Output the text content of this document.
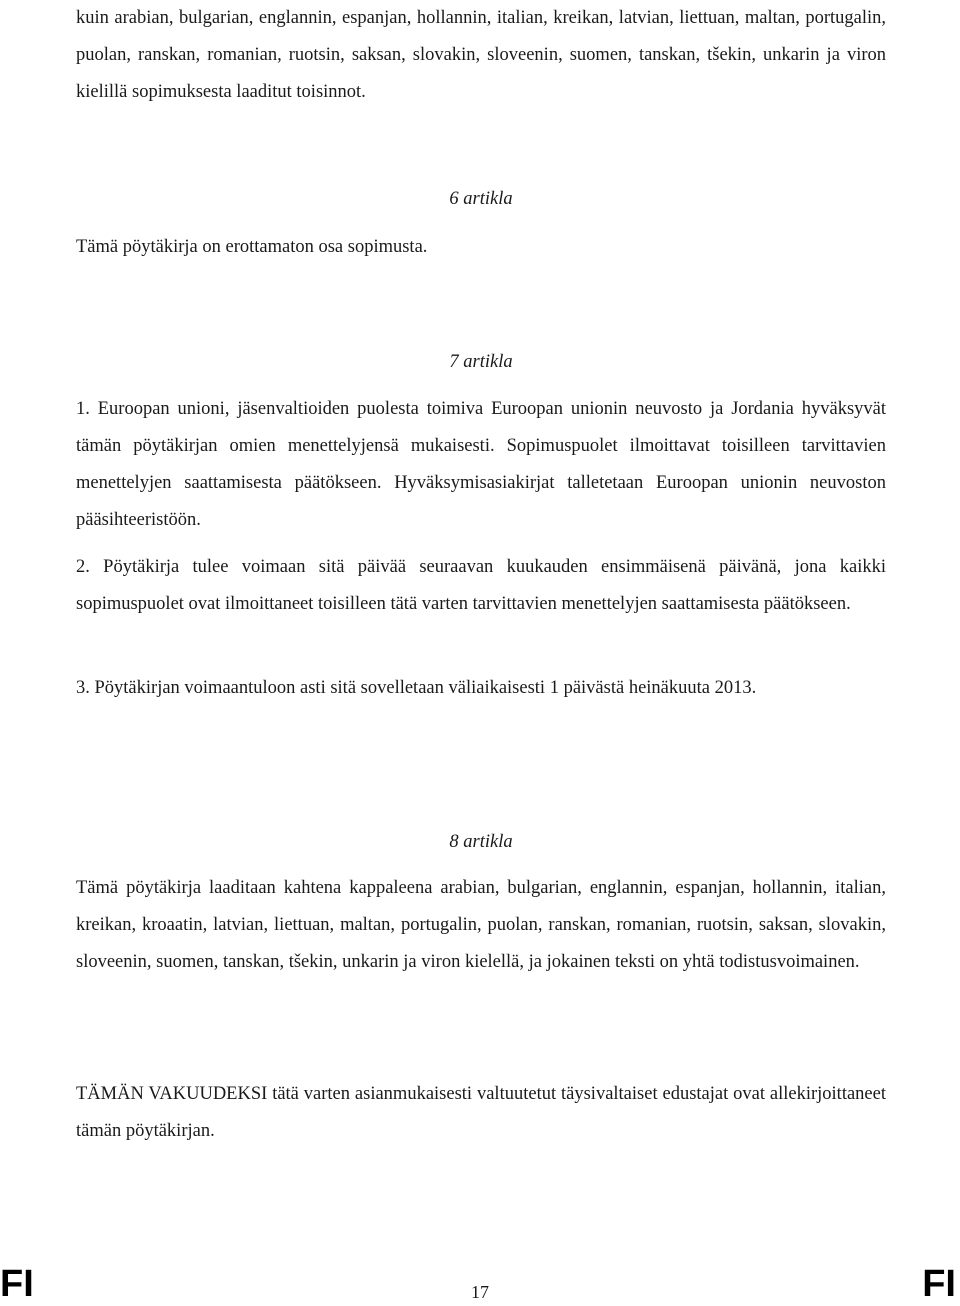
kuin arabian, bulgarian, englannin, espanjan, hollannin, italian, kreikan, latvian, liettuan, maltan, portugalin, puolan, ranskan, romanian, ruotsin, saksan, slovakin, sloveenin, suomen, tanskan, tšekin, unkarin ja viron kielillä sopimuksesta laaditut toisinnot.

6 artikla

Tämä pöytäkirja on erottamaton osa sopimusta.

7 artikla

1. Euroopan unioni, jäsenvaltioiden puolesta toimiva Euroopan unionin neuvosto ja Jordania hyväksyvät tämän pöytäkirjan omien menettelyjensä mukaisesti. Sopimuspuolet ilmoittavat toisilleen tarvittavien menettelyjen saattamisesta päätökseen. Hyväksymisasiakirjat talletetaan Euroopan unionin neuvoston pääsihteeristöön.

2. Pöytäkirja tulee voimaan sitä päivää seuraavan kuukauden ensimmäisenä päivänä, jona kaikki sopimuspuolet ovat ilmoittaneet toisilleen tätä varten tarvittavien menettelyjen saattamisesta päätökseen.

3. Pöytäkirjan voimaantuloon asti sitä sovelletaan väliaikaisesti 1 päivästä heinäkuuta 2013.

8 artikla

Tämä pöytäkirja laaditaan kahtena kappaleena arabian, bulgarian, englannin, espanjan, hollannin, italian, kreikan, kroaatin, latvian, liettuan, maltan, portugalin, puolan, ranskan, romanian, ruotsin, saksan, slovakin, sloveenin, suomen, tanskan, tšekin, unkarin ja viron kielellä, ja jokainen teksti on yhtä todistusvoimainen.

TÄMÄN VAKUUDEKSI tätä varten asianmukaisesti valtuutetut täysivaltaiset edustajat ovat allekirjoittaneet tämän pöytäkirjan.

FI	17	FI
